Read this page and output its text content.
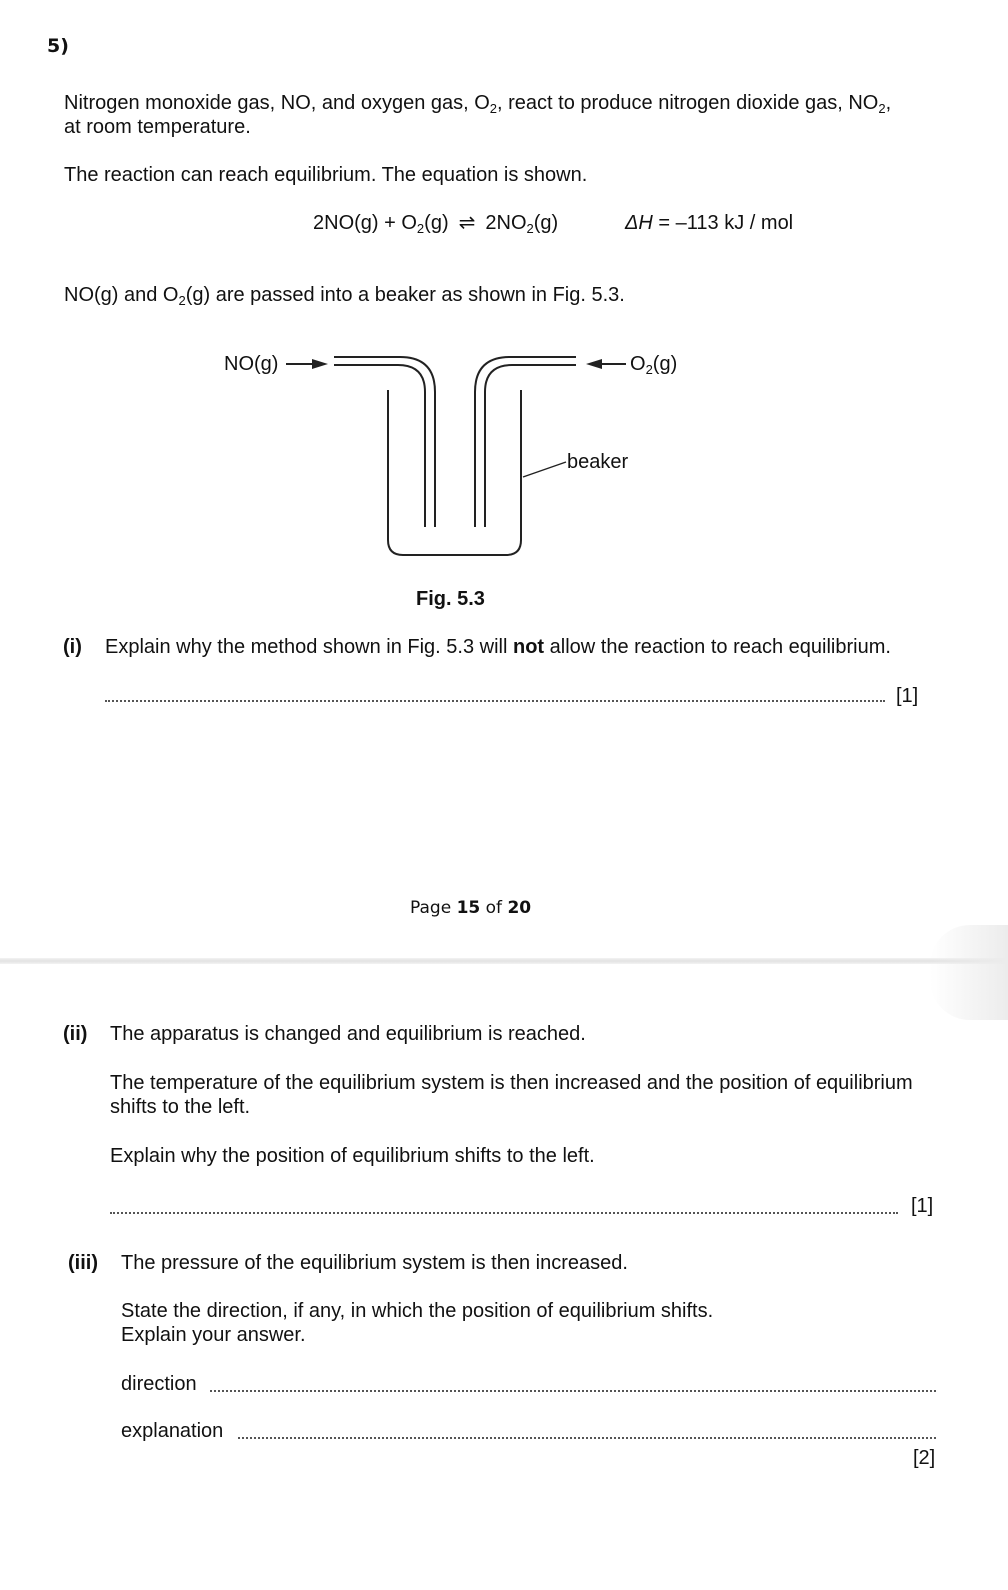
5)
Nitrogen monoxide gas, NO, and oxygen gas, $O_2$, react to produce nitrogen dioxide gas, $NO_2$,
at room temperature.
The reaction can reach equilibrium. The equation is shown.
$2NO(g) + O_2(g)$ ⇌ $2NO_2(g)$	ΔH = –113 kJ / mol
NO(g) and $O_2(g)$ are passed into a beaker as shown in Fig. 5.3.
NO(g)	$O_2(g)$
beaker
Fig. 5.3
(i) Explain why the method shown in Fig. 5.3 will not allow the reaction to reach equilibrium.
[1]
Page 15 of 20
(ii) The apparatus is changed and equilibrium is reached.
The temperature of the equilibrium system is then increased and the position of equilibrium
shifts to the left.
Explain why the position of equilibrium shifts to the left.
[1]
(iii) The pressure of the equilibrium system is then increased.
State the direction, if any, in which the position of equilibrium shifts.
Explain your answer.
direction
explanation
[2]
